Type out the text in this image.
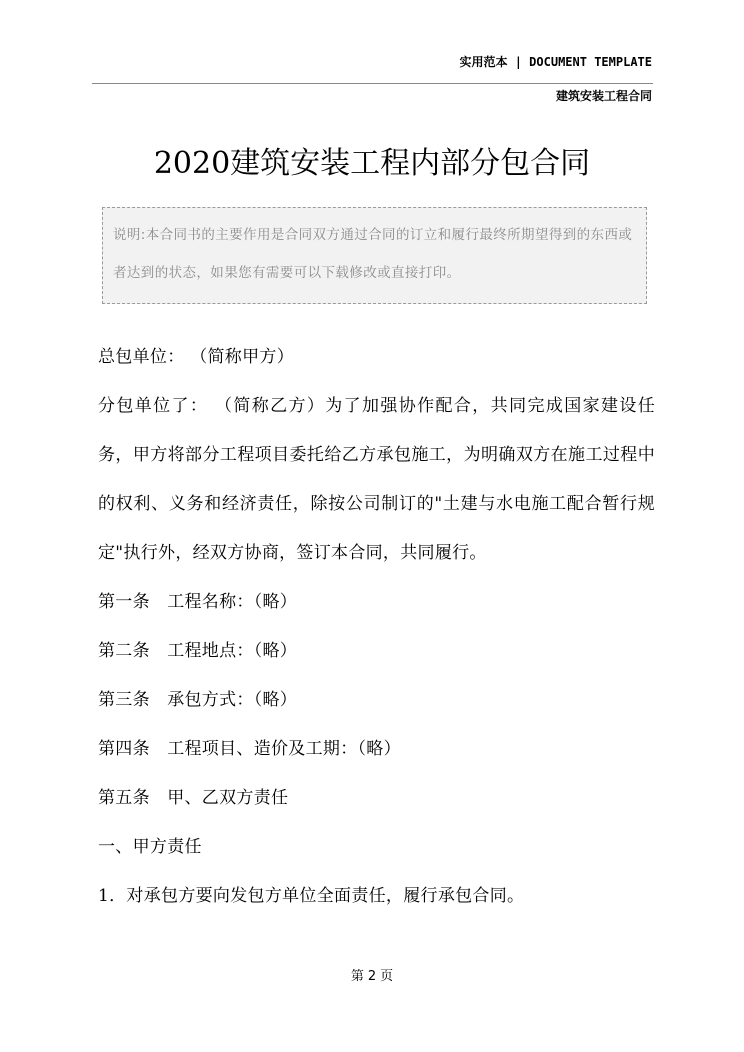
实用范本 | DOCUMENT TEMPLATE
建筑安装工程合同
2020建筑安装工程内部分包合同

说明:本合同书的主要作用是合同双方通过合同的订立和履行最终所期望得到的东西或者达到的状态，如果您有需要可以下载修改或直接打印。

总包单位： （简称甲方）

分包单位了： （简称乙方）为了加强协作配合，共同完成国家建设任务，甲方将部分工程项目委托给乙方承包施工，为明确双方在施工过程中的权利、义务和经济责任，除按公司制订的"土建与水电施工配合暂行规定"执行外，经双方协商，签订本合同，共同履行。

第一条　工程名称：（略）

第二条　工程地点：（略）

第三条　承包方式：（略）

第四条　工程项目、造价及工期：（略）

第五条　甲、乙双方责任

一、甲方责任

1．对承包方要向发包方单位全面责任，履行承包合同。

第 2 页
